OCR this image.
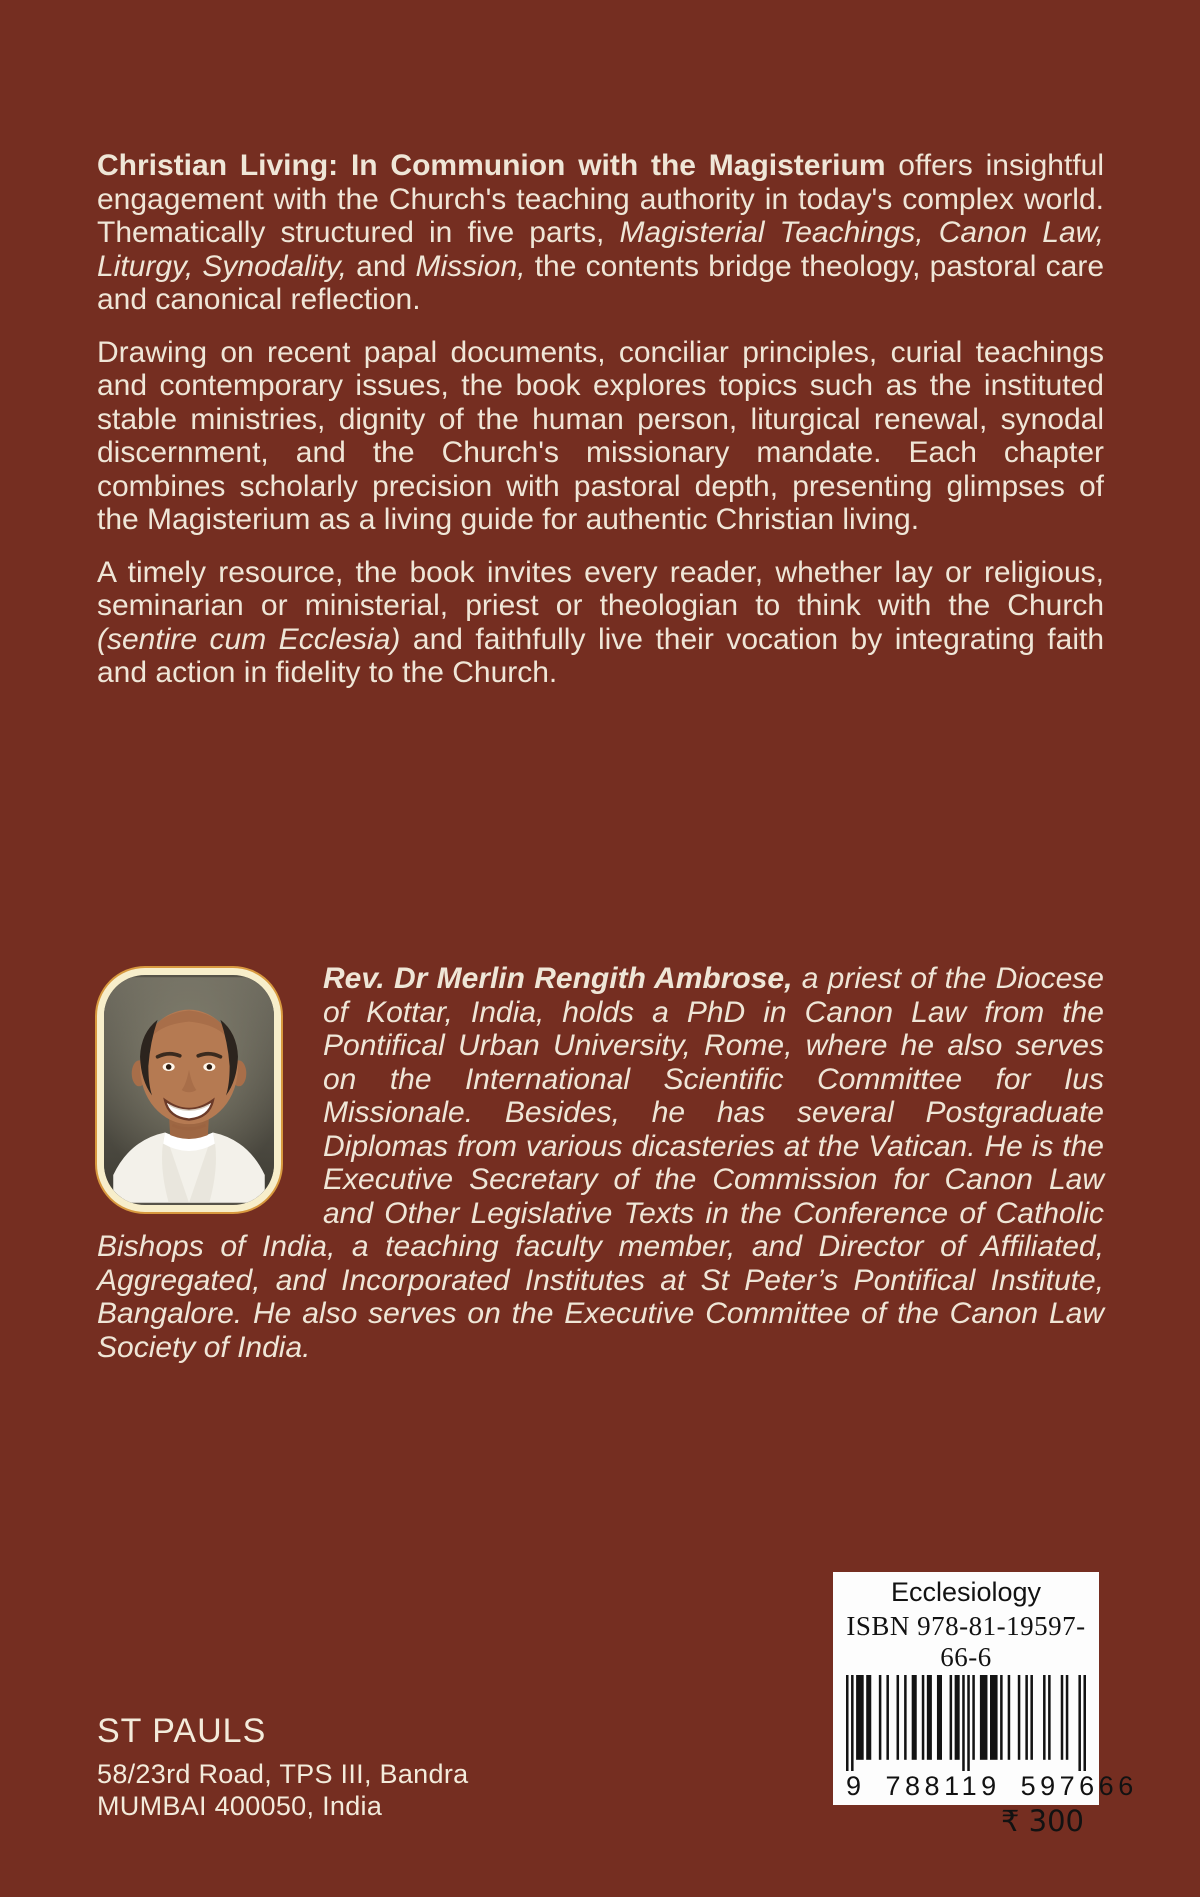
Christian Living: In Communion with the Magisterium offers insightful engagement with the Church's teaching authority in today's complex world. Thematically structured in five parts, Magisterial Teachings, Canon Law, Liturgy, Synodality, and Mission, the contents bridge theology, pastoral care and canonical reflection.

Drawing on recent papal documents, conciliar principles, curial teachings and contemporary issues, the book explores topics such as the instituted stable ministries, dignity of the human person, liturgical renewal, synodal discernment, and the Church's missionary mandate. Each chapter combines scholarly precision with pastoral depth, presenting glimpses of the Magisterium as a living guide for authentic Christian living.

A timely resource, the book invites every reader, whether lay or religious, seminarian or ministerial, priest or theologian to think with the Church (sentire cum Ecclesia) and faithfully live their vocation by integrating faith and action in fidelity to the Church.

Rev. Dr Merlin Rengith Ambrose, a priest of the Diocese of Kottar, India, holds a PhD in Canon Law from the Pontifical Urban University, Rome, where he also serves on the International Scientific Committee for Ius Missionale. Besides, he has several Postgraduate Diplomas from various dicasteries at the Vatican. He is the Executive Secretary of the Commission for Canon Law and Other Legislative Texts in the Conference of Catholic Bishops of India, a teaching faculty member, and Director of Affiliated, Aggregated, and Incorporated Institutes at St Peter’s Pontifical Institute, Bangalore. He also serves on the Executive Committee of the Canon Law Society of India.
ST PAULS
58/23rd Road, TPS III, Bandra
MUMBAI 400050, India
Ecclesiology
ISBN 978-81-19597-66-6
9 788119 597666
₹ 300
